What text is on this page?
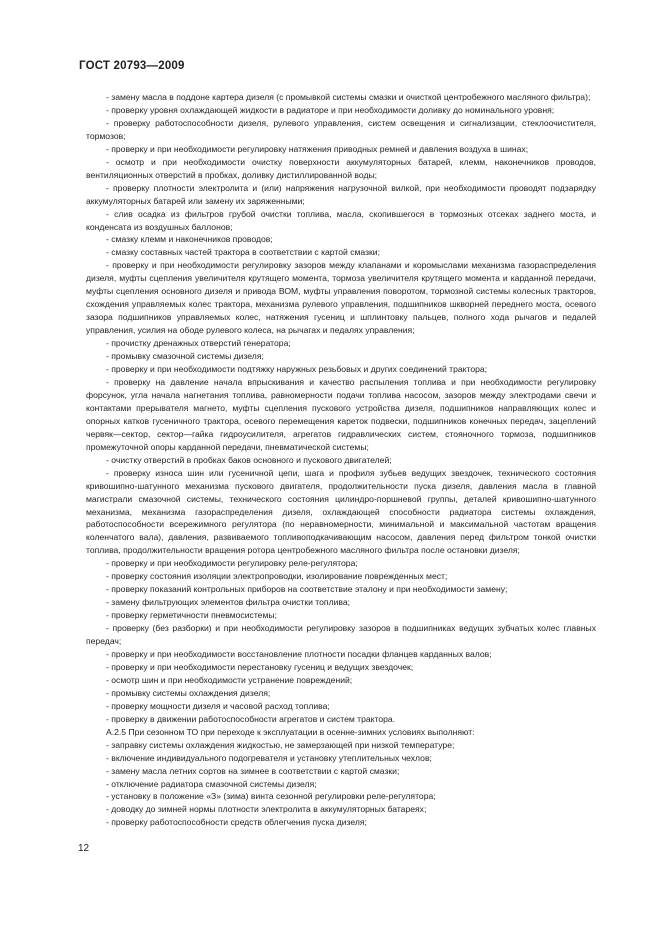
ГОСТ 20793—2009

- замену масла в поддоне картера дизеля (с промывкой системы смазки и очисткой центробежного масляного фильтра);

- проверку уровня охлаждающей жидкости в радиаторе и при необходимости доливку до номинального уровня;

- проверку работоспособности дизеля, рулевого управления, систем освещения и сигнализации, стеклоочистителя, тормозов;

- проверку и при необходимости регулировку натяжения приводных ремней и давления воздуха в шинах;

- осмотр и при необходимости очистку поверхности аккумуляторных батарей, клемм, наконечников проводов, вентиляционных отверстий в пробках, доливку дистиллированной воды;

- проверку плотности электролита и (или) напряжения нагрузочной вилкой, при необходимости проводят подзарядку аккумуляторных батарей или замену их заряженными;

- слив осадка из фильтров грубой очистки топлива, масла, скопившегося в тормозных отсеках заднего моста, и конденсата из воздушных баллонов;

- смазку клемм и наконечников проводов;

- смазку составных частей трактора в соответствии с картой смазки;

- проверку и при необходимости регулировку зазоров между клапанами и коромыслами механизма газораспределения дизеля, муфты сцепления увеличителя крутящего момента, тормоза увеличителя крутящего момента и карданной передачи, муфты сцепления основного дизеля и привода ВОМ, муфты управления поворотом, тормозной системы колесных тракторов, схождения управляемых колес трактора, механизма рулевого управления, подшипников шкворней переднего моста, осевого зазора подшипников управляемых колес, натяжения гусениц и шплинтовку пальцев, полного хода рычагов и педалей управления, усилия на ободе рулевого колеса, на рычагах и педалях управления;

- прочистку дренажных отверстий генератора;

- промывку смазочной системы дизеля;

- проверку и при необходимости подтяжку наружных резьбовых и других соединений трактора;

- проверку на давление начала впрыскивания и качество распыления топлива и при необходимости регулировку форсунок, угла начала нагнетания топлива, равномерности подачи топлива насосом, зазоров между электродами свечи и контактами прерывателя магнето, муфты сцепления пускового устройства дизеля, подшипников направляющих колес и опорных катков гусеничного трактора, осевого перемещения кареток подвески, подшипников конечных передач, зацеплений червяк—сектор, сектор—гайка гидроусилителя, агрегатов гидравлических систем, стояночного тормоза, подшипников промежуточной опоры карданной передачи, пневматической системы;

- очистку отверстий в пробках баков основного и пускового двигателей;

- проверку износа шин или гусеничной цепи, шага и профиля зубьев ведущих звездочек, технического состояния кривошипно-шатунного механизма пускового двигателя, продолжительности пуска дизеля, давления масла в главной магистрали смазочной системы, технического состояния цилиндро-поршневой группы, деталей кривошипно-шатунного механизма, механизма газораспределения дизеля, охлаждающей способности радиатора системы охлаждения, работоспособности всережимного регулятора (по неравномерности, минимальной и максимальной частотам вращения коленчатого вала), давления, развиваемого топливоподкачивающим насосом, давления перед фильтром тонкой очистки топлива, продолжительности вращения ротора центробежного масляного фильтра после остановки дизеля;

- проверку и при необходимости регулировку реле-регулятора;

- проверку состояния изоляции электропроводки, изолирование поврежденных мест;

- проверку показаний контрольных приборов на соответствие эталону и при необходимости замену;

- замену фильтрующих элементов фильтра очистки топлива;

- проверку герметичности пневмосистемы;

- проверку (без разборки) и при необходимости регулировку зазоров в подшипниках ведущих зубчатых колес главных передач;

- проверку и при необходимости восстановление плотности посадки фланцев карданных валов;

- проверку и при необходимости перестановку гусениц и ведущих звездочек;

- осмотр шин и при необходимости устранение повреждений;

- промывку системы охлаждения дизеля;

- проверку мощности дизеля и часовой расход топлива;

- проверку в движении работоспособности агрегатов и систем трактора.

А.2.5 При сезонном ТО при переходе к эксплуатации в осенне-зимних условиях выполняют:

- заправку системы охлаждения жидкостью, не замерзающей при низкой температуре;

- включение индивидуального подогревателя и установку утеплительных чехлов;

- замену масла летних сортов на зимнее в соответствии с картой смазки;

- отключение радиатора смазочной системы дизеля;

- установку в положение «З» (зима) винта сезонной регулировки реле-регулятора;

- доводку до зимней нормы плотности электролита в аккумуляторных батареях;

- проверку работоспособности средств облегчения пуска дизеля;

12
